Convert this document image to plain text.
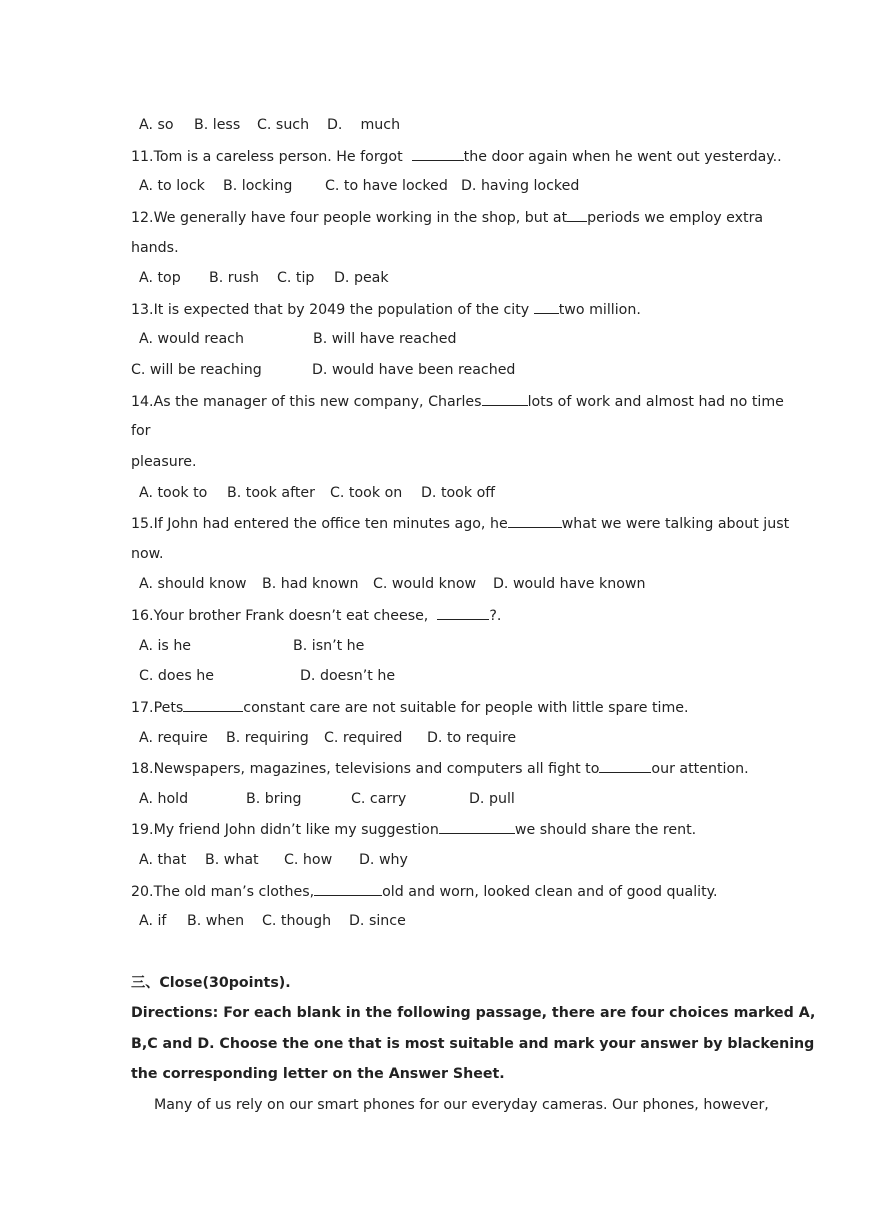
A. so B. less C. such D.    much
11.Tom is a careless person. He forgot	the door again when he went out yesterday..
A. to lock B. locking C. to have locked D. having locked
12.We generally have four people working in the shop, but at periods we employ extra
hands.
A. top B. rush C. tip D. peak
13.It is expected that by 2049 the population of the city two million.
A. would reach	B. will have reached
C. will be reaching	D. would have been reached
14.As the manager of this new company, Charles	lots of work and almost had no time
for
pleasure.
A. took to B. took after C. took on D. took off
15.If John had entered the office ten minutes ago, he	what we were talking about just
now.
A. should know B. had known C. would know D. would have known
16.Your brother Frank doesn’t eat cheese,	?.
A. is he	B. isn’t he
C. does he	D. doesn’t he
17.Pets	constant care are not suitable for people with little spare time.
A. require B. requiring C. required D. to require
18.Newspapers, magazines, televisions and computers all fight to	our attention.
A. hold	B. bring	C. carry	D. pull
19.My friend John didn’t like my suggestion	we should share the rent.
A. that B. what C. how D. why
20.The old man’s clothes,	old and worn, looked clean and of good quality.
A. if B. when C. though D. since
三、Close(30points).
Directions: For each blank in the following passage, there are four choices marked A,
B,C and D. Choose the one that is most suitable and mark your answer by blackening
the corresponding letter on the Answer Sheet.
Many of us rely on our smart phones for our everyday cameras. Our phones, however,
